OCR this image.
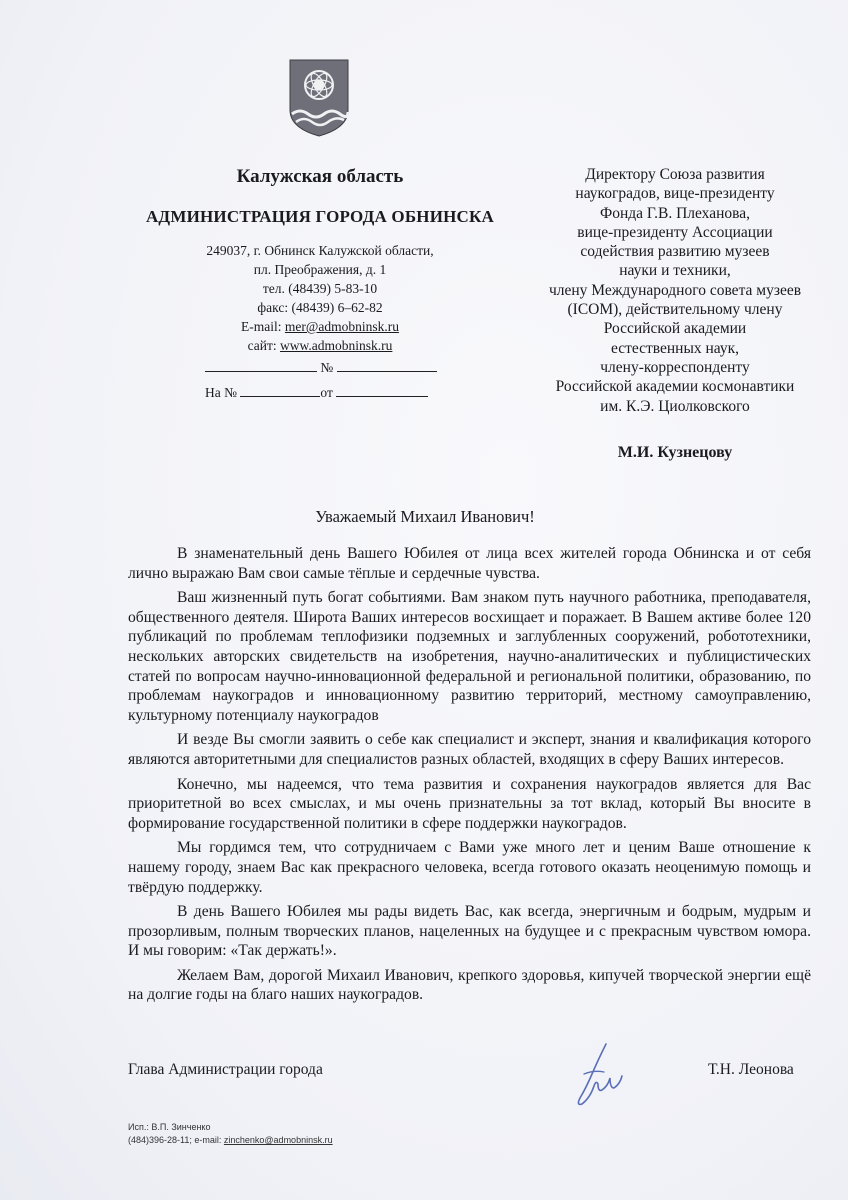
Калужская область
АДМИНИСТРАЦИЯ ГОРОДА ОБНИНСКА
249037, г. Обнинск Калужской области,
пл. Преображения, д. 1
тел. (48439) 5-83-10
факс: (48439) 6–62-82
E-mail: mer@admobninsk.ru
сайт: www.admobninsk.ru
№
На №	от
Директору Союза развития
наукоградов, вице-президенту
Фонда Г.В. Плеханова,
вице-президенту Ассоциации
содействия развитию музеев
науки и техники,
члену Международного совета музеев
(ICOM), действительному члену
Российской академии
естественных наук,
члену-корреспонденту
Российской академии космонавтики
им. К.Э. Циолковского
М.И. Кузнецову
Уважаемый Михаил Иванович!

В знаменательный день Вашего Юбилея от лица всех жителей города Обнинска и от себя лично выражаю Вам свои самые тёплые и сердечные чувства.

Ваш жизненный путь богат событиями. Вам знаком путь научного работника, преподавателя, общественного деятеля. Широта Ваших интересов восхищает и поражает. В Вашем активе более 120 публикаций по проблемам теплофизики подземных и заглубленных сооружений, робототехники, нескольких авторских свидетельств на изобретения, научно-аналитических и публицистических статей по вопросам научно-инновационной федеральной и региональной политики, образованию, по проблемам наукоградов и инновационному развитию территорий, местному самоуправлению, культурному потенциалу наукоградов

И везде Вы смогли заявить о себе как специалист и эксперт, знания и квалификация которого являются авторитетными для специалистов разных областей, входящих в сферу Ваших интересов.

Конечно, мы надеемся, что тема развития и сохранения наукоградов является для Вас приоритетной во всех смыслах, и мы очень признательны за тот вклад, который Вы вносите в формирование государственной политики в сфере поддержки наукоградов.

Мы гордимся тем, что сотрудничаем с Вами уже много лет и ценим Ваше отношение к нашему городу, знаем Вас как прекрасного человека, всегда готового оказать неоценимую помощь и твёрдую поддержку.

В день Вашего Юбилея мы рады видеть Вас, как всегда, энергичным и бодрым, мудрым и прозорливым, полным творческих планов, нацеленных на будущее и с прекрасным чувством юмора. И мы говорим: «Так держать!».

Желаем Вам, дорогой Михаил Иванович, крепкого здоровья, кипучей творческой энергии ещё на долгие годы на благо наших наукоградов.

Глава Администрации города	Т.Н. Леонова
Исп.: В.П. Зинченко
(484)396-28-11; e-mail: zinchenko@admobninsk.ru
